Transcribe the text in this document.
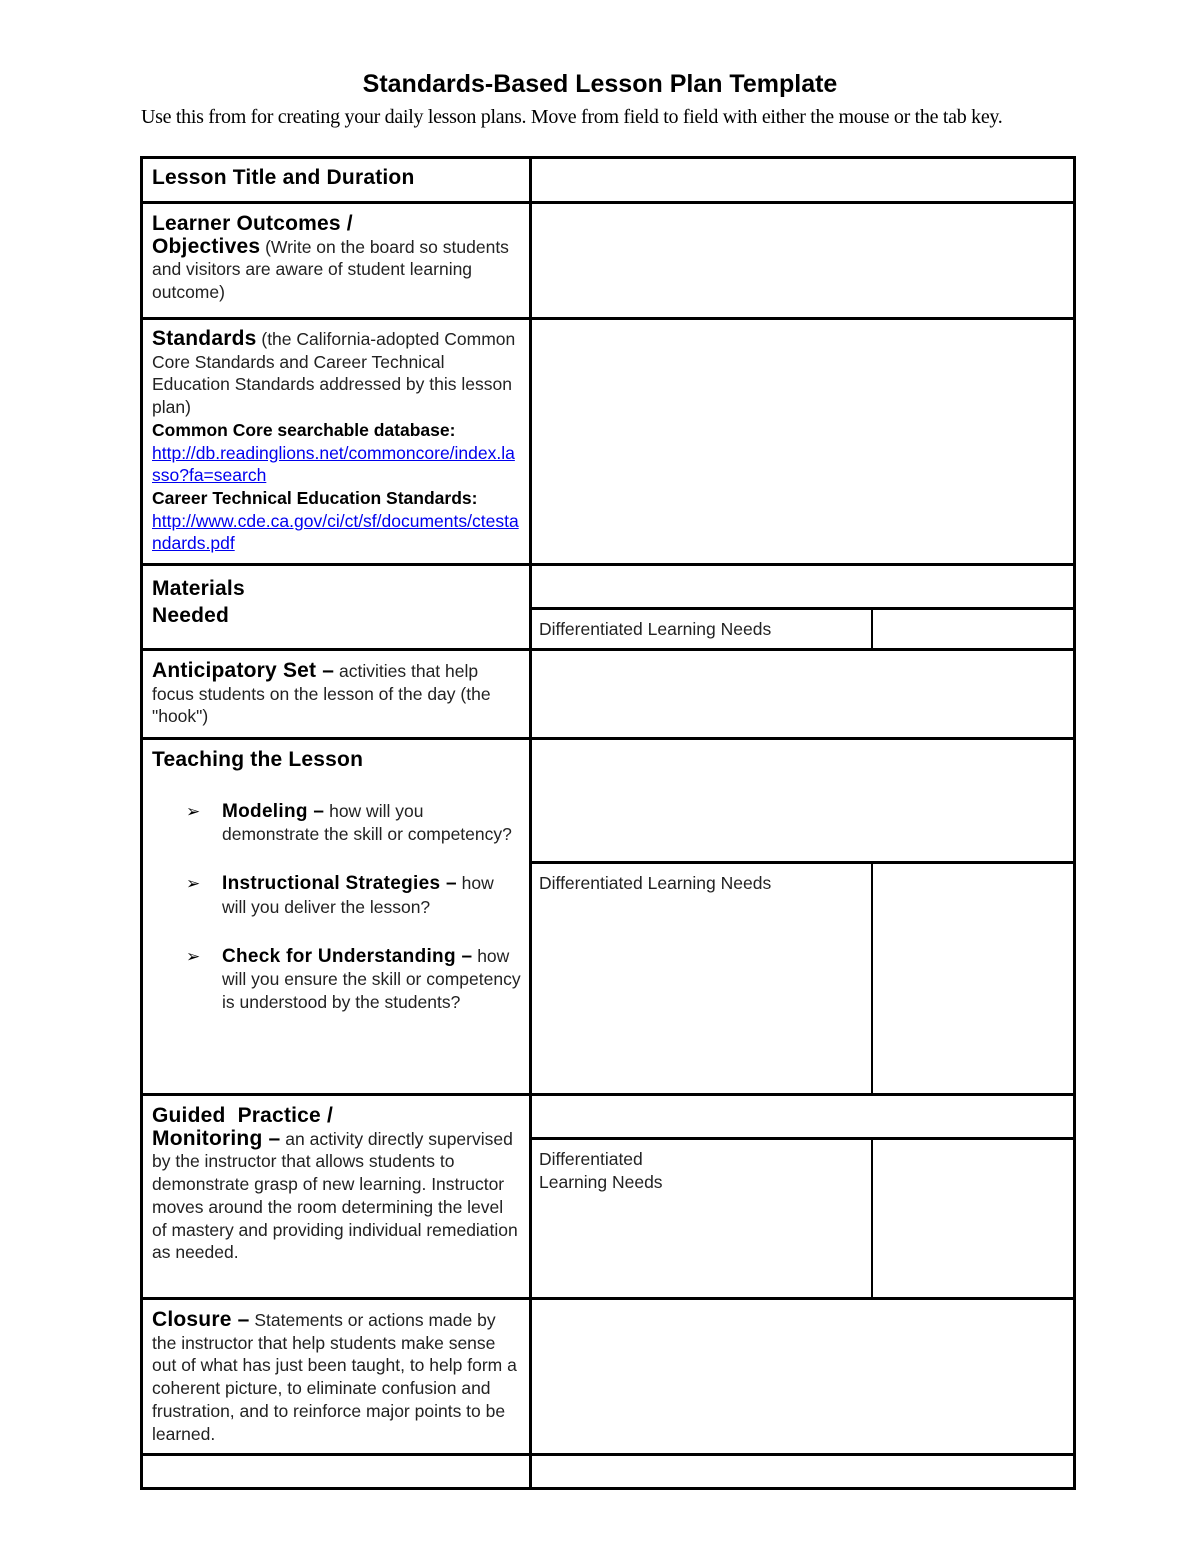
Standards-Based Lesson Plan Template
Use this from for creating your daily lesson plans. Move from field to field with either the mouse or the tab key.
Lesson Title and Duration
Learner Outcomes /
Objectives (Write on the board so students and visitors are aware of student learning outcome)
Standards (the California-adopted Common Core Standards and Career Technical Education Standards addressed by this lesson plan)
Common Core searchable database:
http://db.readinglions.net/commoncore/index.lasso?fa=search
Career Technical Education Standards:
http://www.cde.ca.gov/ci/ct/sf/documents/ctestandards.pdf
Materials
Needed
Differentiated Learning Needs
Anticipatory Set – activities that help focus students on the lesson of the day (the "hook")
Teaching the Lesson
➢ Modeling – how will you demonstrate the skill or competency?
➢ Instructional Strategies – how will you deliver the lesson?
➢ Check for Understanding – how will you ensure the skill or competency is understood by the students?
Differentiated Learning Needs
Guided  Practice /
Monitoring – an activity directly supervised by the instructor that allows students to demonstrate grasp of new learning. Instructor moves around the room determining the level of mastery and providing individual remediation as needed.
Differentiated
Learning Needs
Closure – Statements or actions made by the instructor that help students make sense out of what has just been taught, to help form a coherent picture, to eliminate confusion and frustration, and to reinforce major points to be learned.
